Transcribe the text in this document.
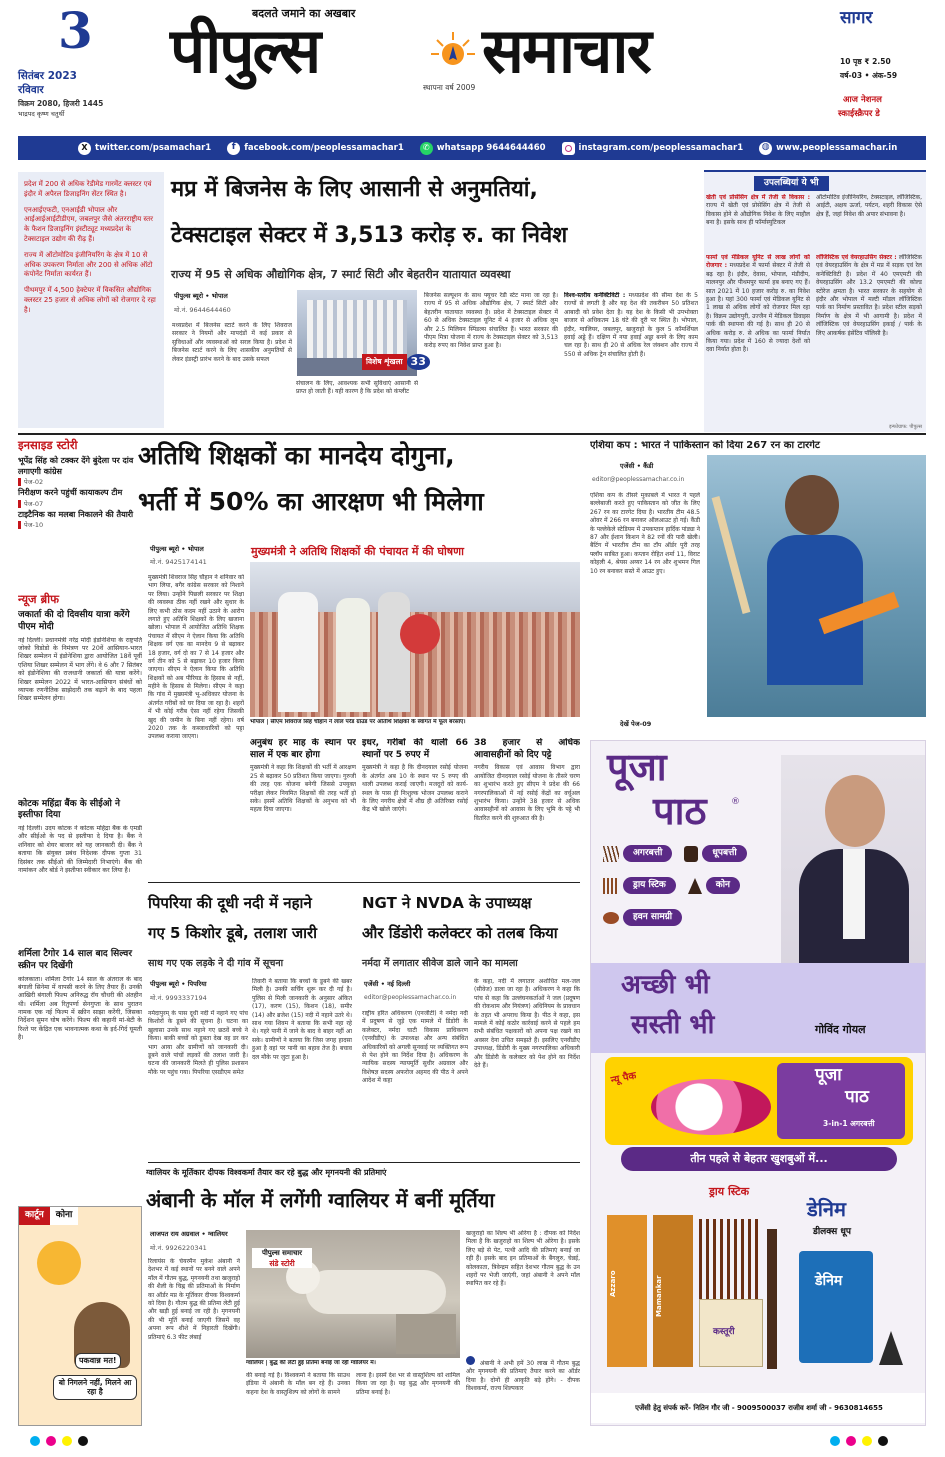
3
सितंबर 2023
रविवार
विक्रम 2080, हिजरी 1445
भाद्रपद कृष्ण चतुर्थी
बदलते जमाने का अखबार
पीपुल्स	समाचार
स्थापना वर्ष 2009
सागर
10 पृष्ठ ₹ 2.50
वर्ष-03 • अंक-59
आज नेशनल
स्काईस्क्रैपर डे
X twitter.com/psamachar1	f	facebook.com/peoplessamachar1	✆ whatsapp 9644644460	instagram.com/peoplessamachar1 ◍ www.peoplessamachar.in
प्रदेश में 200 से अधिक रेडीमेड गारमेंट क्लस्टर एवं इंदौर में अपैरल डिजाइनिंग सेंटर स्थित है।
एनआईएफटी, एनआईडी भोपाल और आईआईआईटीडीएम, जबलपुर जैसे अंतरराष्ट्रीय स्तर के फैशन डिजाइनिंग इंस्टीट्यूट मध्यप्रदेश के टेक्सटाइल उद्योग की रीढ़ हैं।
राज्य में ऑटोमोटिव इंजीनियरिंग के क्षेत्र में 10 से अधिक उपकरण निर्माता और 200 से अधिक ऑटो कंपोनेंट निर्माता कार्यरत हैं।
पीथमपुर में 4,500 हेक्टेयर में विकसित औद्योगिक क्लस्टर 25 हजार से अधिक लोगों को रोजगार दे रहा है।
मप्र में बिजनेस के लिए आसानी से अनुमतियां,
टेक्सटाइल सेक्टर में 3,513 करोड़ रु. का निवेश
राज्य में 95 से अधिक औद्योगिक क्षेत्र, 7 स्मार्ट सिटी और बेहतरीन यातायात व्यवस्था
पीपुल्स ब्यूरो • भोपाल
मो.नं. 9644644460
मध्यप्रदेश में बिजनेस स्टार्ट करने के लिए शिवराज सरकार ने नियमों और मापदंडों में कई प्रकार से सुविधाओं और व्यवस्थाओं को सरल किया है। प्रदेश में बिजनेस स्टार्ट करने के लिए शासकीय अनुमतियों से लेकर इंडस्ट्री प्रारंभ करने के बाद उसके सफल	विशेष शृंखला 33
संचालन के लिए, आवश्यक सभी सुविधाएं आसानी से प्राप्त हो जाती हैं। यही कारण है कि प्रदेश को कंप्लीट
बिजनेस सल्यूशन के साथ फ्यूचर रेडी स्टेट माना जा रहा है। राज्य में 95 से अधिक औद्योगिक क्षेत्र, 7 स्मार्ट सिटी और बेहतरीन यातायात व्यवस्था है। प्रदेश में टेक्सटाइल सेक्टर में 60 से अधिक टेक्सटाइल यूनिट में 4 हजार से अधिक लूम और 2.5 मिलियन स्पिंडल्स संचालित हैं। भारत सरकार की पीएम मित्रा योजना में राज्य के टेक्सटाइल सेक्टर को 3,513 करोड़ रुपए का निवेश प्राप्त हुआ है।
विश्व-स्तरीय कनेक्टिविटी : मध्यप्रदेश की सीमा देश के 5 राज्यों से लगती है और यह देश की तकरीबन 50 प्रतिशत आबादी को प्रवेश देता है। यह देश के किसी भी उपभोक्ता बाजार से अधिकतम 18 घंटे की दूरी पर स्थित है। भोपाल, इंदौर, ग्वालियर, जबलपुर, खजुराहो के कुल 5 कॉमर्शियल हवाई अड्डे हैं। दक्षिण में नया हवाई अड्डा बनने के लिए काम चल रहा है। साथ ही 20 से अधिक रेल जंक्शन और राज्य में 550 से अधिक ट्रेन संचालित होती हैं।
उपलब्धियां ये भी
खेती एवं प्रोसेसिंग क्षेत्र में तेजी से विकास : राज्य में खेती एवं प्रोसेसिंग क्षेत्र में तेजी से विकास होने से औद्योगिक निवेश के लिए माहौल बना है। इसके साथ ही फॉर्मास्युटिकल
ऑटोमोटिव इंजीनियरिंग, टेक्सटाइल, लॉजिस्टिक, आईटी, अक्षय ऊर्जा, पर्यटन, शहरी विकास ऐसे क्षेत्र हैं, जहां निवेश की अपार संभावना है।
फार्मा एवं मेडिकल यूनिट से लाख लोगों को रोजगार : मध्यप्रदेश में फार्मा सेक्टर में तेजी से बढ़ रहा है। इंदौर, देवास, भोपाल, मंडीदीप, मालनपुर और पीथमपुर फार्मा हब बनाए गए हैं। सात 2021 में 10 हजार करोड़ रु. का निवेश हुआ है। यहां 300 फार्मा एवं मेडिकल यूनिट से 1 लाख से अधिक लोगों को रोजगार मिल रहा है। विक्रम उद्योगपुरी, उज्जैन में मेडिकल डिवाइस पार्क की स्थापना की गई है। साथ ही 20 से अधिक करोड़ रु. से अधिक का फार्मा निर्यात किया गया। प्रदेश में 160 से ज्यादा देशों को दवा निर्यात होता है।
लॉजिस्टिक एवं वेयरहाउसिंग सेक्टर : लॉजिस्टिक एवं वेयरहाउसिंग के क्षेत्र में मप्र में सड़क एवं रेल कनेक्टिविटी है। प्रदेश में 40 एमएमटी की वेयरहाउसिंग और 13.2 एमएमटी की कोल्ड स्टोरेज क्षमता है। भारत सरकार के सहयोग से इंदौर और भोपाल में मल्टी मॉडल लॉजिस्टिक पार्क का निर्माण प्रस्तावित है। प्रदेश स्टील सड़को निर्माण के क्षेत्र में भी आगामी है। प्रदेश में लॉजिस्टिक एवं वेयरहाउसिंग इकाई / पार्क के लिए आकर्षक इंसेंटिव पॉलिसी है।
इन्फोग्राफ: पीपुल्स
इनसाइड स्टोरी
भूपेंद्र सिंह को टक्कर देंगे बुंदेला पर दांव लगाएगी कांग्रेस
पेज-02
निरीक्षण करने पहुंचीं कायाकल्प टीम
पेज-07
टाइटैनिक का मलबा निकालने की तैयारी
पेज-10
न्यूज ब्रीफ
जकार्ता की दो दिवसीय यात्रा करेंगे पीएम मोदी
नई दिल्ली। प्रधानमंत्री नरेंद्र मोदी इंडोनेशिया के राष्ट्रपति जोको विडोडो के निमंत्रण पर 20वें आसियान-भारत शिखर सम्मेलन में इंडोनेशिया द्वारा आयोजित 18वें पूर्वी एशिया शिखर सम्मेलन में भाग लेंगे। वे 6 और 7 सितंबर को इंडोनेशिया की राजधानी जकार्ता की यात्रा करेंगे। शिखर सम्मेलन 2022 में भारत-आसियान संबंधों को व्यापक रणनीतिक साझेदारी तक बढ़ाने के बाद पहला शिखर सम्मेलन होगा।
कोटक महिंद्रा बैंक के सीईओ ने इस्तीफा दिया
नई दिल्ली। उदय कोटक ने कोटक महिंद्रा बैंक के एमडी और सीईओ के पद से इस्तीफा दे दिया है। बैंक ने शनिवार को शेयर बाजार को यह जानकारी दी। बैंक ने बताया कि संयुक्त प्रबंध निदेशक दीपक गुप्ता 31 दिसंबर तक सीईओ की जिम्मेदारी निभाएंगे। बैंक की नामांकन और बोर्ड ने इस्तीफा स्वीकार कर लिया है।
शर्मिला टैगोर 14 साल बाद सिल्वर स्क्रीन पर दिखेंगी
कोलकाता। शर्मिला टैगोर 14 साल के अंतराल के बाद बंगाली सिनेमा में वापसी करने के लिए तैयार हैं। उनकी आखिरी बंगाली फिल्म अनिरुद्ध रॉय चौधरी की अंतहीन थी। शर्मिला अब रितुपर्णा सेनगुप्ता के साथ पुरातन नामक एक नई फिल्म में स्क्रीन साझा करेंगी, जिसका निर्देशन सुमन घोष करेंगे। फिल्म की कहानी मां-बेटी के रिश्ते पर केंद्रित एक भावनात्मक कथा के इर्द-गिर्द घूमती है।
कार्टून	कोना
पकवान्न मत!
बो निगलने नहीं, मिलने आ रहा है
अतिथि शिक्षकों का मानदेय दोगुना,
भर्ती में 50% का आरक्षण भी मिलेगा
पीपुल्स ब्यूरो • भोपाल
मो.नं. 9425174141
मुख्यमंत्री शिवराज सिंह चौहान ने शनिवार को भाग लिया, बगैर कांग्रेस सरकार को निशाने पर लिया। उन्होंने पिछली सरकार पर शिक्षा की व्यवस्था ठीक नहीं रखने और सुधार के लिए कभी ठोस कदम नहीं उठाने के आरोप लगाते हुए अतिथि शिक्षकों के लिए खजाना खोला। भोपाल में आयोजित अतिथि शिक्षक पंचायत में सीएम ने ऐलान किया कि अतिथि शिक्षक वर्ग एक का मानदेय 9 से बढ़ाकर 18 हजार, वर्ग दो का 7 से 14 हजार और वर्ग तीन को 5 से बढ़ाकर 10 हजार किया जाएगा। सीएम ने ऐलान किया कि अतिथि शिक्षकों को अब पीरियड के हिसाब से नहीं, महीने के हिसाब से मिलेगा। सीएम ने कहा कि गांव में मुख्यमंत्री भू-अधिकार योजना के अंतर्गत गरीबों को घर दिया जा रहा है। शहरों में भी कोई गरीब ऐसा नहीं रहेगा जिसकी खुद की जमीन के बिना नहीं रहेगा। वर्ष 2020 तक के कब्जाधारियों को पट्टा उपलब्ध कराया जाएगा।
मुख्यमंत्री ने अतिथि शिक्षकों की पंचायत में की घोषणा
भोपाल | सीएम शिवराज सिंह चौहान ने लाल परेड ग्राउंड पर अतिथि शिक्षकों के स्वागत में फूल बरसाए।
अनुबंध हर माह के स्थान पर साल में एक बार होगा
मुख्यमंत्री ने कहा कि शिक्षकों की भर्ती में आरक्षण 25 से बढ़ाकर 50 प्रतिशत किया जाएगा। गुरुजी की तरह एक योजना बनेगी जिससे उपयुक्त परीक्षा लेकर नियमित शिक्षकों की तरह भर्ती हो सके। इसमें अतिथि शिक्षकों के अनुभव को भी महत्व दिया जाएगा।
इधर, गरीबों की थाली 66 स्थानों पर 5 रुपए में
मुख्यमंत्री ने कहा है कि दीनदयाल रसोई योजना के अंतर्गत अब 10 के स्थान पर 5 रुपए की थाली उपलब्ध कराई जाएगी। मजदूरों को कार्य-स्थल के पास ही निःशुल्क भोजन उपलब्ध कराने के लिए नगरीय क्षेत्रों में शीघ्र ही अतिरिक्त रसोई केंद्र भी खोले जाएंगे।
38 हजार से अधिक आवासहीनों को दिए पट्टे
नगरीय विकास एवं आवास विभाग द्वारा आयोजित दीनदयाल रसोई योजना के तीसरे चरण का शुभारंभ करते हुए सीएम ने प्रदेश की 66 नगरपालिकाओं में नई रसोई केंद्रों का वर्चुअल शुभारंभ किया। उन्होंने 38 हजार से अधिक आवासहीनों को आवास के लिए भूमि के पट्टे भी वितरित करने की शुरुआत की है।
एशिया कप : भारत ने पाकिस्तान को दिया 267 रन का टारगेट
एजेंसी • कैंडी
editor@peoplessamachar.co.in
एशिया कप के तीसरे मुकाबले में भारत ने पहले बल्लेबाजी करते हुए पाकिस्तान को जीत के लिए 267 रन का टारगेट दिया है। भारतीय टीम 48.5 ओवर में 266 रन बनाकर ऑलआउट हो गई। कैंडी के पल्लेकेले स्टेडियम में उपकप्तान हार्दिक पांड्या ने 87 और ईशान किशन ने 82 रनों की पारी खेली। बैटिंग में भारतीय टीम का टॉप ऑर्डर पूरी तरह फ्लॉप साबित हुआ। कप्तान रोहित शर्मा 11, विराट कोहली 4, श्रेयस अय्यर 14 रन और शुभमन गिल 10 रन बनाकर सस्ते में आउट हुए।
देखें पेज-09
पिपरिया की दूधी नदी में नहाने
गए 5 किशोर डूबे, तलाश जारी
साथ गए एक लड़के ने दी गांव में सूचना
पीपुल्स ब्यूरो • पिपरिया
मो.नं. 9993337194
नर्मदापुरम् के पास दूधी नदी में नहाने गए पांच किशोरों के डूबने की सूचना है। घटना का खुलासा उनके साथ नहाने गए छठवें बच्चे ने किया। बाकी बच्चों को डूबता देख वह डर कर भाग आया और ग्रामीणों को जानकारी दी। डूबने वाले पांचों लड़कों की तलाश जारी है। घटना की जानकारी मिलते ही पुलिस प्रशासन मौके पर पहुंच गया। पिपरिया एसडीएम समेत
तिवारी ने बताया कि बच्चों के डूबने की खबर मिली है। उनकी सर्चिंग शुरू कर दी गई है। पुलिस से मिली जानकारी के अनुसार अंकित (17), करण (15), किशन (18), समीर (14) और ब्रजेश (15) नदी में नहाने उतरे थे। साथ गया शिवम ने बताया कि सभी नहा रहे थे। गहरे पानी में जाने के बाद वे बाहर नहीं आ सके। ग्रामीणों ने बताया कि जिस जगह हादसा हुआ है वहां पर पानी का बहाव तेज है। बचाव दल मौके पर जुटा हुआ है।
NGT ने NVDA के उपाध्यक्ष
और डिंडोरी कलेक्टर को तलब किया
नर्मदा में लगातार सीवेज डाले जाने का मामला
एजेंसी • नई दिल्ली
editor@peoplessamachar.co.in
राष्ट्रीय हरित अधिकरण (एनजीटी) ने नर्मदा नदी में प्रदूषण से जुड़े एक मामले में डिंडोरी के कलेक्टर, नर्मदा घाटी विकास प्राधिकरण (एनवीडीए) के उपाध्यक्ष और अन्य संबंधित अधिकारियों को अगली सुनवाई पर व्यक्तिगत रूप से पेश होने का निर्देश दिया है। अधिकरण के न्यायिक सदस्य न्यायमूर्ति सुधीर अग्रवाल और विशेषज्ञ सदस्य अफरोज अहमद की पीठ ने अपने आदेश में कहा
के कहा, नदी में लगातार अशोधित मल-जल (सीवेज) डाला जा रहा है। अधिकरण ने कहा कि पांच से कहा कि उल्लंघनकर्ताओं ने जल (प्रदूषण की रोकथाम और नियंत्रण) अधिनियम के प्रावधान के तहत भी अपराध किया है। पीठ ने कहा, इस मामले में कोई कठोर कार्रवाई करने से पहले हम सभी संबंधित पक्षकारों को अपना पक्ष रखने का अवसर देना उचित समझते हैं। इसलिए एनवीडीए उपाध्यक्ष, डिंडोरी के मुख्य नगरपालिका अधिकारी और डिंडोरी के कलेक्टर को पेश होने का निर्देश देते हैं।
ग्वालियर के मूर्तिकार दीपक विश्वकर्मा तैयार कर रहे बुद्ध और मृगनयनी की प्रतिमाएं
अंबानी के मॉल में लगेंगी ग्वालियर में बनीं मूर्तिया
लाजपत राय अग्रवाल • ग्वालियर
मो.नं. 9926220341
रिलायंस के चेयरमैन मुकेश अंबानी ने देशभर में कई स्थानों पर बनने वाले अपने मॉल में गौतम बुद्ध, मृगनयनी तथा खजुराहो की शैली के चिह्न की प्रतिमाओं के निर्माण का ऑर्डर मप्र के मूर्तिकार दीपक विश्वकर्मा को दिया है। गौतम बुद्ध की प्रतिमा लेटी हुई और खड़ी हुई बनाई जा रही है। मृगनयनी की भी मूर्ति बनाई जाएगी जिसमें वह अपना रूप शीशे में निहारती दिखेंगी। प्रतिमाएं 6.3 फीट लंबाई
पीपुल्स समाचार
संडे स्टोरी
ग्वालियर | बुद्ध की लेटी हुई प्रतिमा बनाई जा रही ग्वालियर में।
की बनाई गई है। विश्वकर्मा ने बताया कि साउथ इंडिया में अंबानी के मॉल बन रहे हैं। उनका कहना देश के वास्तुशिल्प को लोगों के सामने
लाना है। इसमें देश भर से वास्तुशिल्प को शामिल किया जा रहा है। यह बुद्ध और मृगनयनी की प्रतिमा बनाई है।
खजुराहो का शिल्प भी ओरेगा है : दीपक को निर्देश मिला है कि खजुराहो का शिल्प भी ओरेगा है। इसके लिए बड़े से पेट, पत्थी आदि की प्रतिमाएं बनाई जा रही हैं। इसके बाद इन प्रतिमाओं के बैंगलुरु, चेन्नई, कोलकाता, त्रिवेन्द्रम सहित देशभर गौतम बुद्ध के उन शहरों पर भेजी जाएंगी, जहां अंबानी ने अपने मॉल स्थापित कर रहे हैं।
अंबानी ने अभी हमें 30 लाख में गौतम बुद्ध और मृगनयनी की प्रतिमाएं तैयार करने का ऑर्डर दिया है। दोनों ही आकृति बड़े होंगे। - दीपक विश्वकर्मा, राज्य शिल्पकार
पूजा
पाठ	®
अगरबत्ती	धूपबत्ती
ड्राय स्टिक	कोन
हवन सामग्री
अच्छी भी
सस्ती भी	गोविंद गोयल
न्यू पैक	पूजा
पाठ
3-in-1 अगरबत्ती
तीन पहले से बेहतर खुशबुओं में...
ड्राय स्टिक
Azzaro	Mamankar
कस्तूरी
डेनिम
डीलक्स धूप
डेनिम
एजेंसी हेतु संपर्क करें- नितिन गौर जी - 9009500037 राजीव शर्मा जी - 9630814655
